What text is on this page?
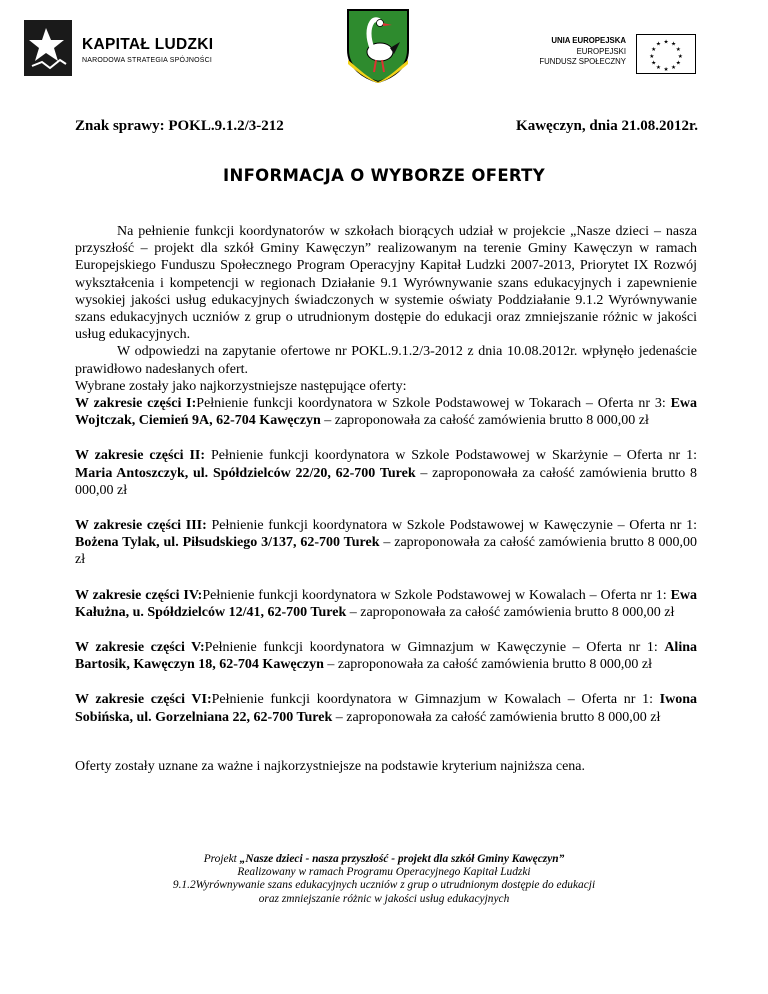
KAPITAŁ LUDZKI
NARODOWA STRATEGIA SPÓJNOŚCI
UNIA EUROPEJSKA
EUROPEJSKI
FUNDUSZ SPOŁECZNY
★ ★
★
★
★
★
★
★
★
★
★
★
Znak sprawy: POKL.9.1.2/3-212	Kawęczyn, dnia 21.08.2012r.
INFORMACJA O WYBORZE OFERTY

Na pełnienie funkcji koordynatorów w szkołach biorących udział w projekcie „Nasze dzieci – nasza przyszłość – projekt dla szkół Gminy Kawęczyn” realizowanym na terenie Gminy Kawęczyn w ramach Europejskiego Funduszu Społecznego Program Operacyjny Kapitał Ludzki 2007-2013, Priorytet IX Rozwój wykształcenia i kompetencji w regionach Działanie 9.1 Wyrównywanie szans edukacyjnych i zapewnienie wysokiej jakości usług edukacyjnych świadczonych w systemie oświaty Poddziałanie 9.1.2 Wyrównywanie szans edukacyjnych uczniów z grup o utrudnionym dostępie do edukacji oraz zmniejszanie różnic w jakości usług edukacyjnych.

W odpowiedzi na zapytanie ofertowe nr POKL.9.1.2/3-2012 z dnia 10.08.2012r. wpłynęło jedenaście prawidłowo nadesłanych ofert.

Wybrane zostały jako najkorzystniejsze następujące oferty:

W zakresie części I:Pełnienie funkcji koordynatora w Szkole Podstawowej w Tokarach – Oferta nr 3: Ewa Wojtczak, Ciemień 9A, 62-704 Kawęczyn – zaproponowała za całość zamówienia brutto 8 000,00 zł

W zakresie części II: Pełnienie funkcji koordynatora w Szkole Podstawowej w Skarżynie – Oferta nr 1: Maria Antoszczyk, ul. Spółdzielców 22/20, 62-700 Turek – zaproponowała za całość zamówienia brutto 8 000,00 zł

W zakresie części III: Pełnienie funkcji koordynatora w Szkole Podstawowej w Kawęczynie – Oferta nr 1: Bożena Tylak, ul. Piłsudskiego 3/137, 62-700 Turek – zaproponowała za całość zamówienia brutto 8 000,00 zł

W zakresie części IV:Pełnienie funkcji koordynatora w Szkole Podstawowej w Kowalach – Oferta nr 1: Ewa Kałużna, u. Spółdzielców 12/41, 62-700 Turek – zaproponowała za całość zamówienia brutto 8 000,00 zł

W zakresie części V:Pełnienie funkcji koordynatora w Gimnazjum w Kawęczynie – Oferta nr 1: Alina Bartosik, Kawęczyn 18, 62-704 Kawęczyn – zaproponowała za całość zamówienia brutto 8 000,00 zł

W zakresie części VI:Pełnienie funkcji koordynatora w Gimnazjum w Kowalach – Oferta nr 1: Iwona Sobińska, ul. Gorzelniana 22, 62-700 Turek – zaproponowała za całość zamówienia brutto 8 000,00 zł

Oferty zostały uznane za ważne i najkorzystniejsze na podstawie kryterium najniższa cena.

Projekt „Nasze dzieci - nasza przyszłość - projekt dla szkół Gminy Kawęczyn”
Realizowany w ramach Programu Operacyjnego Kapitał Ludzki
9.1.2Wyrównywanie szans edukacyjnych uczniów z grup o utrudnionym dostępie do edukacji
oraz zmniejszanie różnic w jakości usług edukacyjnych
